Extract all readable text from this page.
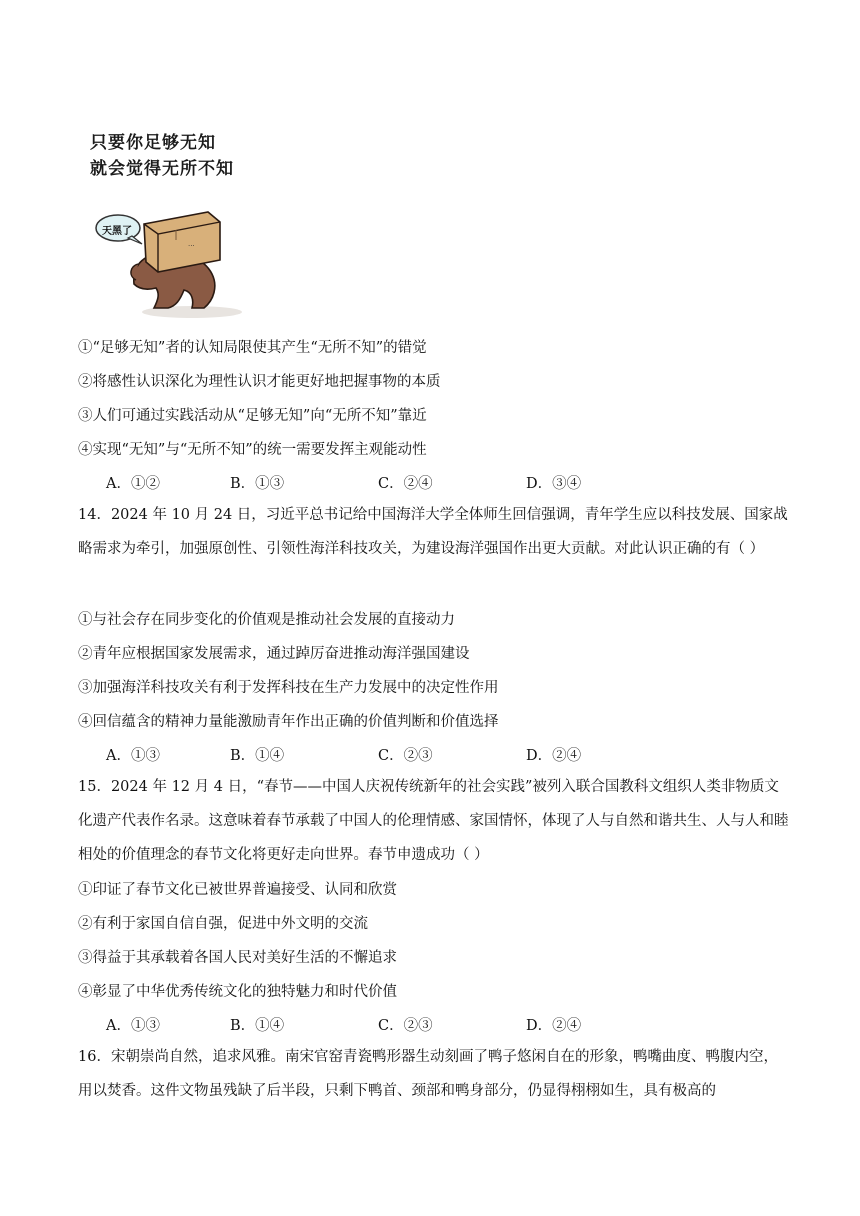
只要你足够无知
就会觉得无所不知
···
天黑了
①“足够无知”者的认知局限使其产生“无所不知”的错觉
②将感性认识深化为理性认识才能更好地把握事物的本质
③人们可通过实践活动从“足够无知”向“无所不知”靠近
④实现“无知”与“无所不知”的统一需要发挥主观能动性
A．①②	B．①③	C．②④	D．③④
14．2024 年 10 月 24 日，习近平总书记给中国海洋大学全体师生回信强调，青年学生应以科技发展、国家战略需求为牵引，加强原创性、引领性海洋科技攻关，为建设海洋强国作出更大贡献。对此认识正确的有（ ）
①与社会存在同步变化的价值观是推动社会发展的直接动力
②青年应根据国家发展需求，通过踔厉奋进推动海洋强国建设
③加强海洋科技攻关有利于发挥科技在生产力发展中的决定性作用
④回信蕴含的精神力量能激励青年作出正确的价值判断和价值选择
A．①③	B．①④	C．②③	D．②④
15．2024 年 12 月 4 日，“春节——中国人庆祝传统新年的社会实践”被列入联合国教科文组织人类非物质文化遗产代表作名录。这意味着春节承载了中国人的伦理情感、家国情怀，体现了人与自然和谐共生、人与人和睦相处的价值理念的春节文化将更好走向世界。春节申遗成功（ ）
①印证了春节文化已被世界普遍接受、认同和欣赏
②有利于家国自信自强，促进中外文明的交流
③得益于其承载着各国人民对美好生活的不懈追求
④彰显了中华优秀传统文化的独特魅力和时代价值
A．①③	B．①④	C．②③	D．②④
16．宋朝崇尚自然，追求风雅。南宋官窑青瓷鸭形器生动刻画了鸭子悠闲自在的形象，鸭嘴曲度、鸭腹内空，用以焚香。这件文物虽残缺了后半段，只剩下鸭首、颈部和鸭身部分，仍显得栩栩如生，具有极高的
